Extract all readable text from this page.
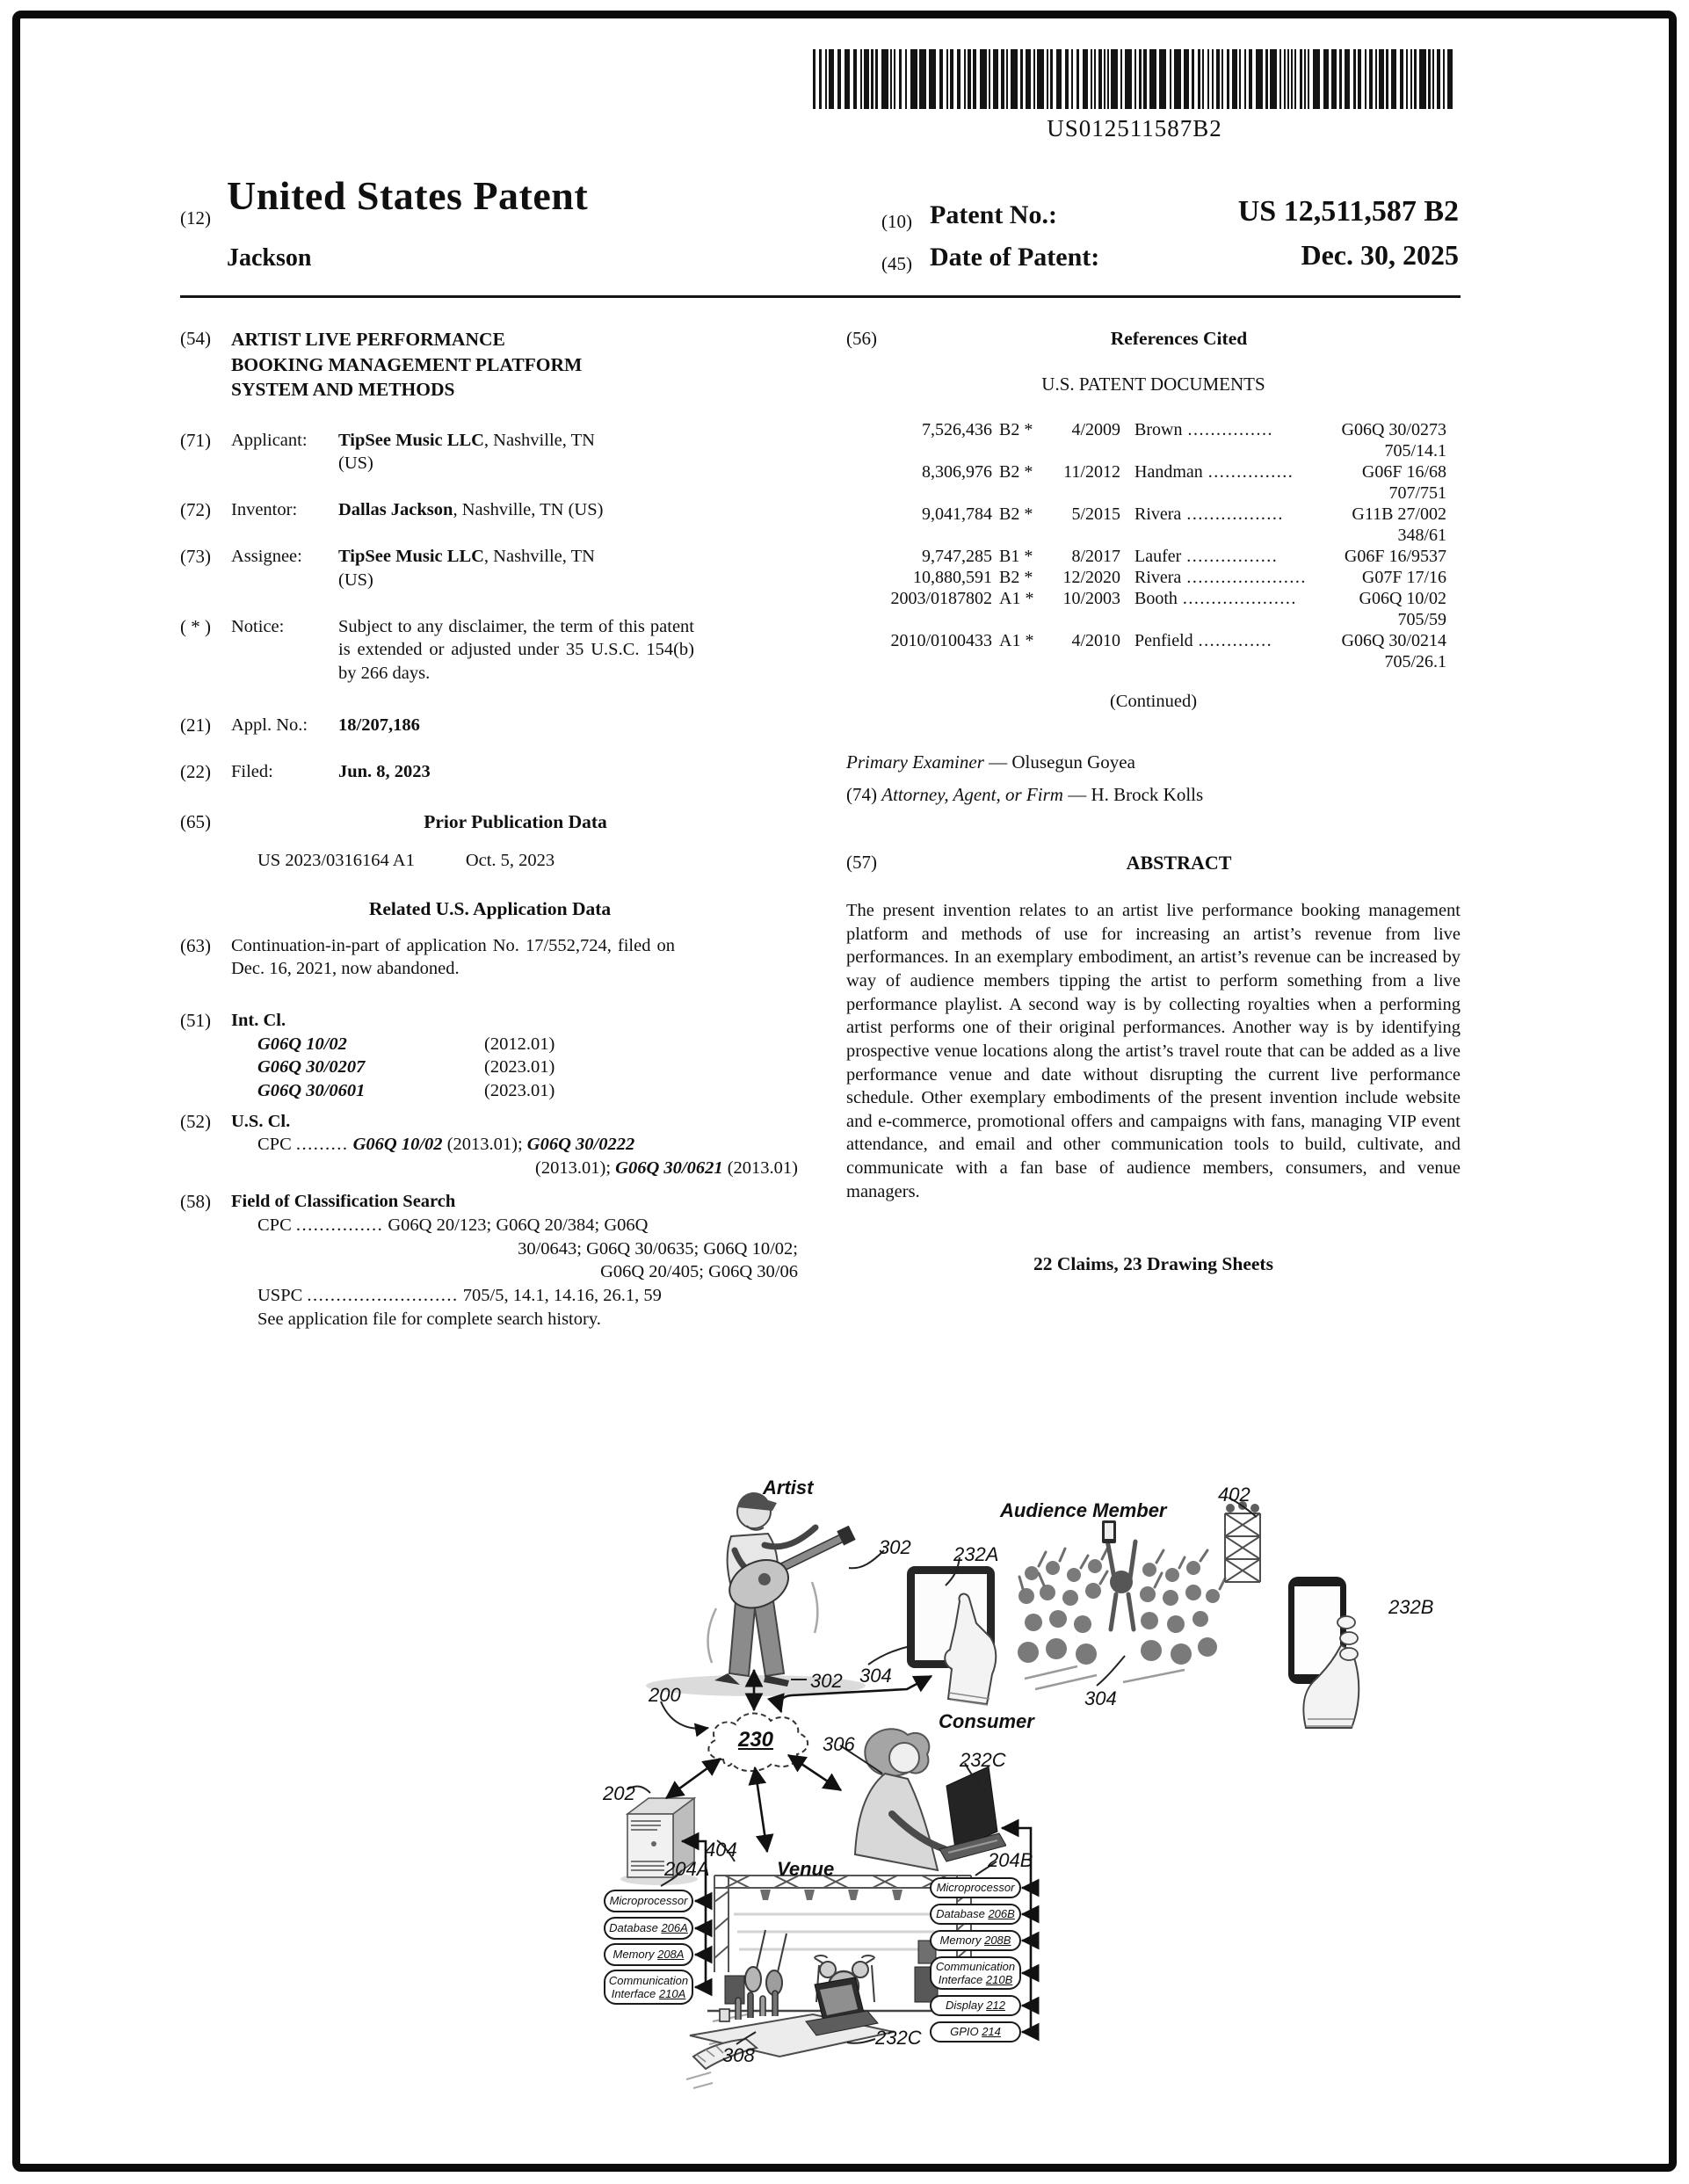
US012511587B2
(12) United States Patent
Jackson
(10) Patent No.:	US 12,511,587 B2
(45) Date of Patent:	Dec. 30, 2025
(54)	ARTIST LIVE PERFORMANCE BOOKING MANAGEMENT PLATFORM SYSTEM AND METHODS
(71)	Applicant:	TipSee Music LLC, Nashville, TN (US)
(72)	Inventor:	Dallas Jackson, Nashville, TN (US)
(73)	Assignee:	TipSee Music LLC, Nashville, TN (US)
( * )	Notice:	Subject to any disclaimer, the term of this patent is extended or adjusted under 35 U.S.C. 154(b) by 266 days.
(21)	Appl. No.:	18/207,186
(22)	Filed:	Jun. 8, 2023
(65)	Prior Publication Data
US 2023/0316164 A1	Oct. 5, 2023
Related U.S. Application Data
(63)	Continuation-in-part of application No. 17/552,724, filed on Dec. 16, 2021, now abandoned.
(51)	Int. Cl.
G06Q 10/02	(2012.01)
G06Q 30/0207	(2023.01)
G06Q 30/0601	(2023.01)
(52)	U.S. Cl.
CPC ......... G06Q 10/02 (2013.01); G06Q 30/0222
(2013.01); G06Q 30/0621 (2013.01)
(58)	Field of Classification Search
CPC ............... G06Q 20/123; G06Q 20/384; G06Q
30/0643; G06Q 30/0635; G06Q 10/02;
G06Q 20/405; G06Q 30/06
USPC .......................... 705/5, 14.1, 14.16, 26.1, 59
See application file for complete search history.
(56)	References Cited
U.S. PATENT DOCUMENTS
7,526,436 B2 *	4/2009 Brown ...............	G06Q 30/0273
705/14.1
8,306,976 B2 *	11/2012 Handman ...............	G06F 16/68
707/751
9,041,784 B2 *	5/2015 Rivera .................	G11B 27/002
348/61
9,747,285 B1 *	8/2017 Laufer ................	G06F 16/9537
10,880,591 B2 *	12/2020 Rivera .....................	G07F 17/16
2003/0187802 A1 *	10/2003 Booth ....................	G06Q 10/02
705/59
2010/0100433 A1 *	4/2010 Penfield .............	G06Q 30/0214
705/26.1
(Continued)
Primary Examiner — Olusegun Goyea
(74) Attorney, Agent, or Firm — H. Brock Kolls
(57)	ABSTRACT
The present invention relates to an artist live performance booking management platform and methods of use for increasing an artist’s revenue from live performances. In an exemplary embodiment, an artist’s revenue can be increased by way of audience members tipping the artist to perform something from a live performance playlist. A second way is by collecting royalties when a performing artist performs one of their original performances. Another way is by identifying prospective venue locations along the artist’s travel route that can be added as a live performance venue and date without disrupting the current live performance schedule. Other exemplary embodiments of the present invention include website and e-commerce, promotional offers and campaigns with fans, managing VIP event attendance, and email and other communication tools to build, cultivate, and communicate with a fan base of audience members, consumers, and venue managers.
22 Claims, 23 Drawing Sheets
Microprocessor
Database 206A
Memory 208A
Communication Interface 210A
Microprocessor
Database 206B
Memory 208B
Communication Interface 210B
Display 212
GPIO 214
Artist
Audience Member
Consumer
Venue
230
302 232A
402
232B
302 304
304
200
306
232C
202
404
204A	204B
232C
308
